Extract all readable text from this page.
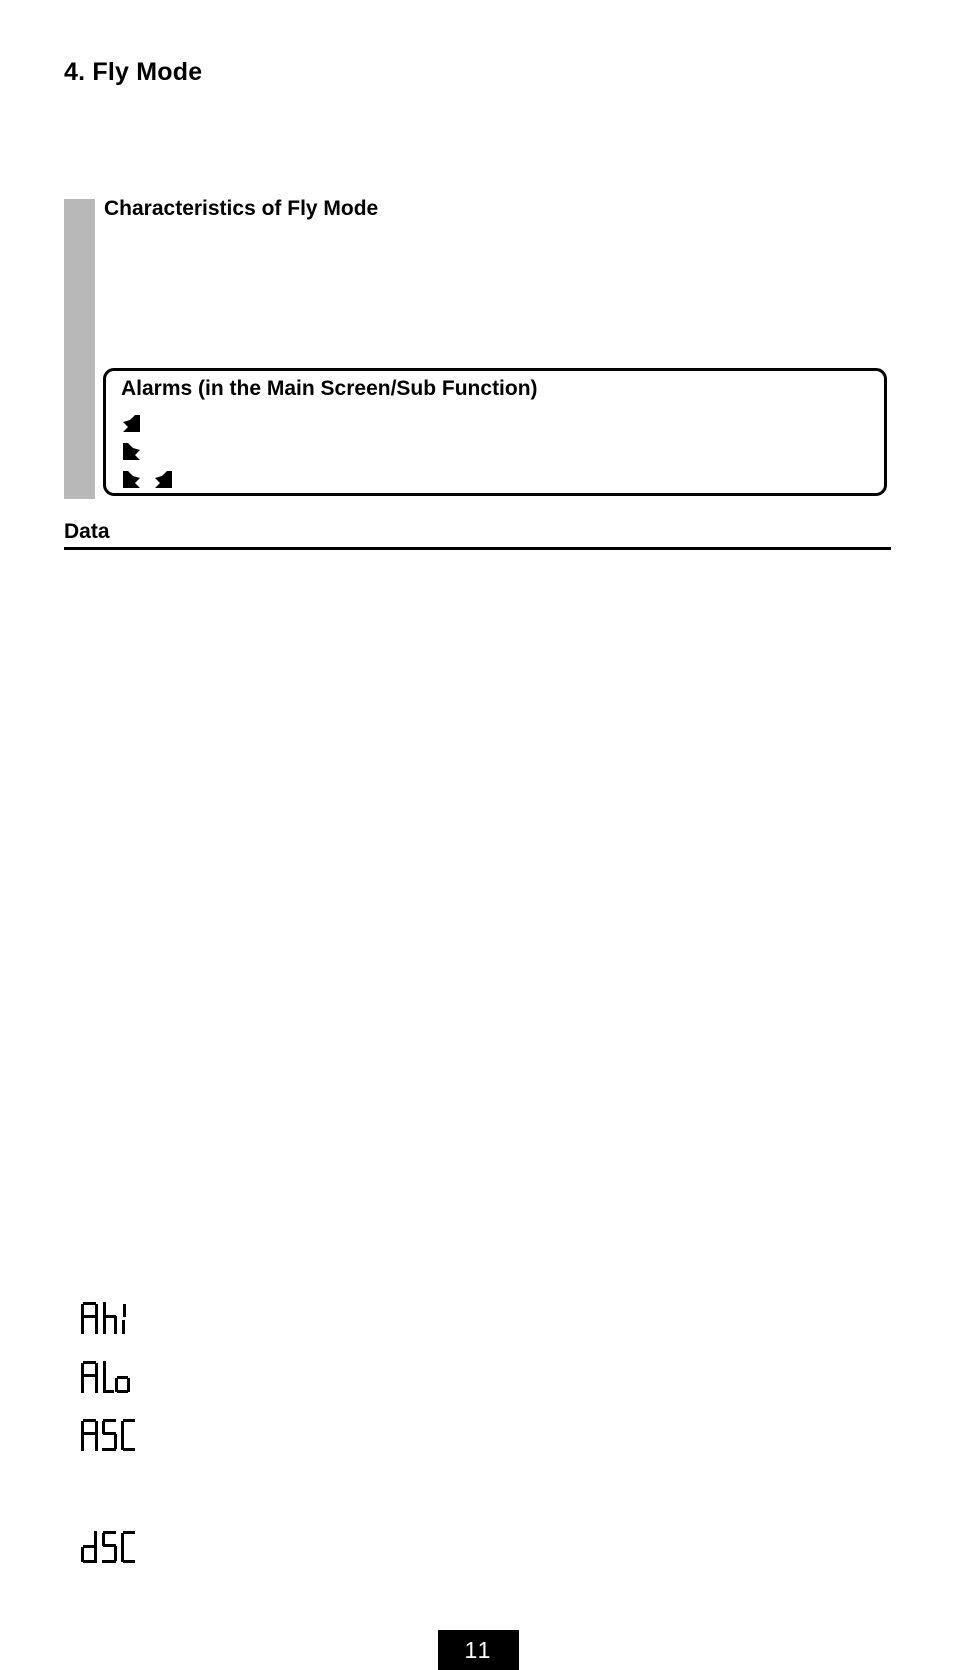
4. Fly Mode
Characteristics of Fly Mode
Alarms (in the Main Screen/Sub Function)

Data
11
